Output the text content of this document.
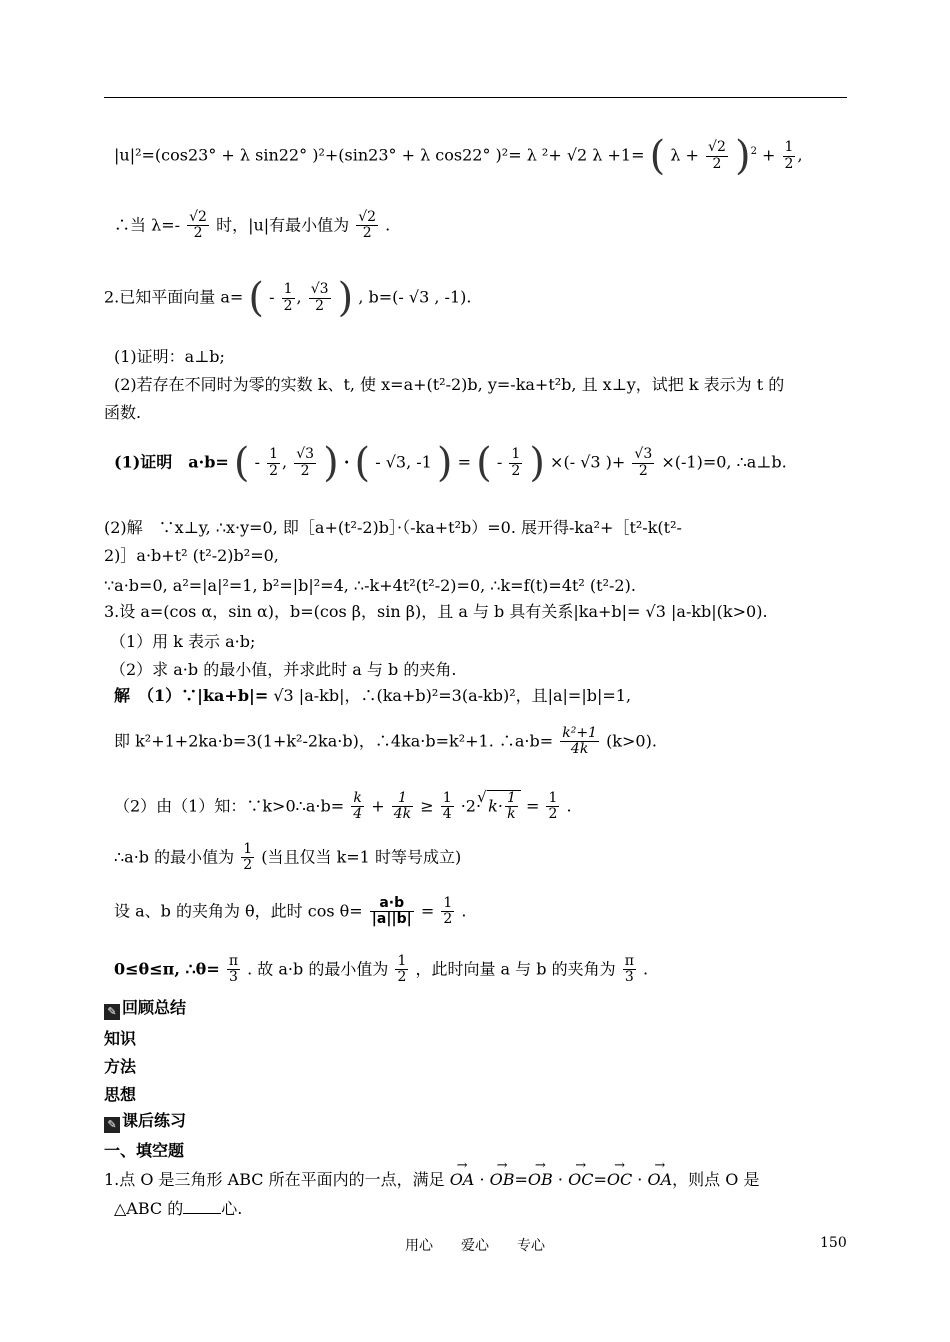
|u|²=(cos23° + λ sin22° )²+(sin23° + λ cos22° )²= λ ²+ √2 λ +1= ( $\lambda + \frac{√2}{2} )^2 + \frac{1}{2}$ ,
∴当 $\lambda=- \frac{√2}{2}$ 时，|u|有最小值为 $\frac{√2}{2}$ .
2.已知平面向量 a= ( - $\frac{1}{2}$ , $\frac{√3}{2}$ ) , b=(- √3 , -1).
(1)证明：a⊥b;
(2)若存在不同时为零的实数 k、t, 使 x=a+(t²-2)b, y=-ka+t²b, 且 x⊥y，试把 k 表示为 t 的
函数.
(1)证明　a·b= ( - $\frac{1}{2}$ , $\frac{√3}{2}$ ) · ( - √3, -1 ) = ( - $\frac{1}{2}$ ) ×(- √3 )+ $\frac{√3}{2} \times(-1)=0$, ∴a⊥b.
(2)解　∵x⊥y, ∴x·y=0, 即［a+(t²-2)b］·（-ka+t²b）=0. 展开得-ka²+［t²-k(t²-
2)］a·b+t² (t²-2)b²=0,
∵a·b=0, a²=|a|²=1, b²=|b|²=4, ∴-k+4t²(t²-2)=0, ∴k=f(t)=4t² (t²-2).
3.设 a=(cos α，sin α)，b=(cos β，sin β)，且 a 与 b 具有关系|ka+b|= √3 |a-kb|(k>0).
（1）用 k 表示 a·b;
（2）求 a·b 的最小值，并求此时 a 与 b 的夹角.
解　（1）∵|ka+b|= √3 |a-kb|，∴(ka+b)²=3(a-kb)²，且|a|=|b|=1,
即 k²+1+2ka·b=3(1+k²-2ka·b)，∴4ka·b=k²+1. ∴a·b= $\frac{\text{k²+1}}{4k} (k>0)$.
（2）由（1）知：∵k>0∴a·b= $\frac{k}{4} + \frac{1}{4k} \ge \frac{1}{4} \cdot 2\cdot$ √ $k\cdot \frac{1}{k} = \frac{1}{2}$ .
∴a·b 的最小值为 $\frac{1}{2}$ (当且仅当 k=1 时等号成立)
设 a、b 的夹角为 θ，此时 $\cos \theta= \frac{a\cdot b}{|a||b|} = \frac{1}{2}$ .
0≤θ≤π, ∴θ= $\frac{\pi}{3}$ . 故 a·b 的最小值为 $\frac{1}{2}$ ，此时向量 a 与 b 的夹角为 $\frac{\pi}{3}$ .
✎ 回顾总结
知识
方法
思想
✎ 课后练习
一、填空题
1.点 O 是三角形 ABC 所在平面内的一点，满足 OA → · OB →=OB → · OC →=OC → · OA →，则点 O 是
△ABC 的 心.
用心　　爱心　　专心	150
